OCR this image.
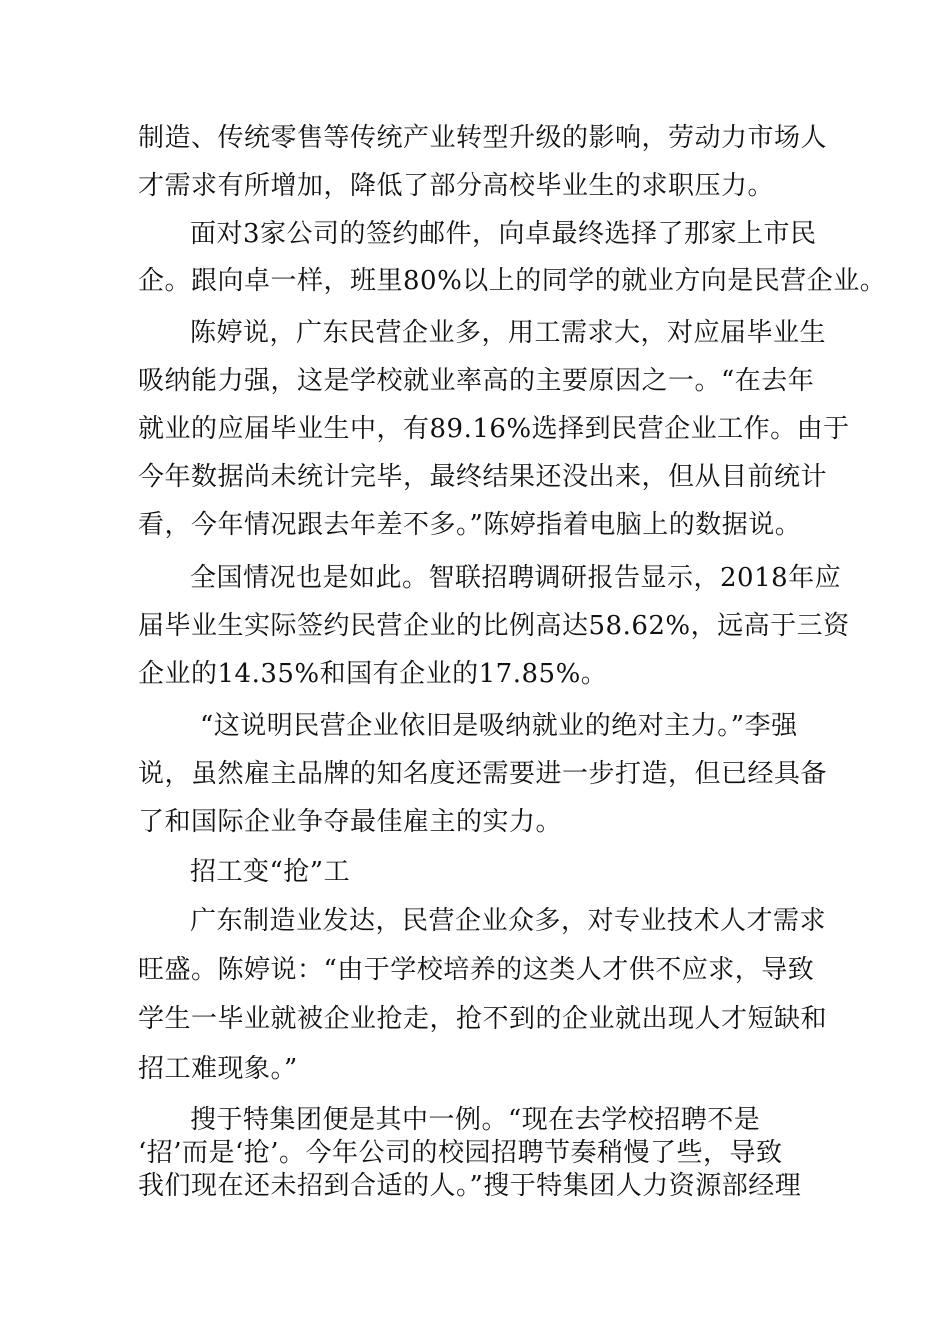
制造、传统零售等传统产业转型升级的影响，劳动力市场人
才需求有所增加，降低了部分高校毕业生的求职压力。
面对3家公司的签约邮件，向卓最终选择了那家上市民
企。跟向卓一样，班里80%以上的同学的就业方向是民营企业。
陈婷说，广东民营企业多，用工需求大，对应届毕业生
吸纳能力强，这是学校就业率高的主要原因之一。“在去年
就业的应届毕业生中，有89.16%选择到民营企业工作。由于
今年数据尚未统计完毕，最终结果还没出来，但从目前统计
看，今年情况跟去年差不多。”陈婷指着电脑上的数据说。
全国情况也是如此。智联招聘调研报告显示，2018年应
届毕业生实际签约民营企业的比例高达58.62%，远高于三资
企业的14.35%和国有企业的17.85%。
“这说明民营企业依旧是吸纳就业的绝对主力。”李强
说，虽然雇主品牌的知名度还需要进一步打造，但已经具备
了和国际企业争夺最佳雇主的实力。
招工变“抢”工
广东制造业发达，民营企业众多，对专业技术人才需求
旺盛。陈婷说：“由于学校培养的这类人才供不应求，导致
学生一毕业就被企业抢走，抢不到的企业就出现人才短缺和
招工难现象。”
搜于特集团便是其中一例。“现在去学校招聘不是
‘招’而是‘抢’。今年公司的校园招聘节奏稍慢了些，导致
我们现在还未招到合适的人。”搜于特集团人力资源部经理
